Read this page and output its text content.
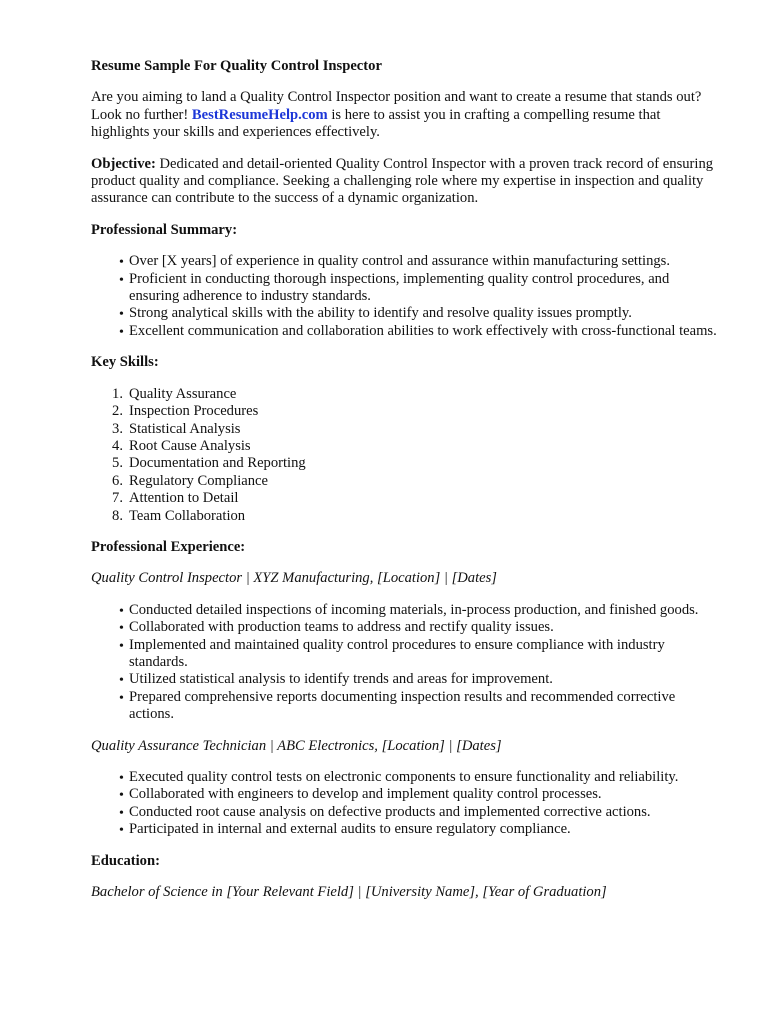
Resume Sample For Quality Control Inspector

Are you aiming to land a Quality Control Inspector position and want to create a resume that stands out? Look no further! BestResumeHelp.com is here to assist you in crafting a compelling resume that highlights your skills and experiences effectively.

Objective: Dedicated and detail-oriented Quality Control Inspector with a proven track record of ensuring product quality and compliance. Seeking a challenging role where my expertise in inspection and quality assurance can contribute to the success of a dynamic organization.

Professional Summary:
• Over [X years] of experience in quality control and assurance within manufacturing settings.
• Proficient in conducting thorough inspections, implementing quality control procedures, and ensuring adherence to industry standards.
• Strong analytical skills with the ability to identify and resolve quality issues promptly.
• Excellent communication and collaboration abilities to work effectively with cross-functional teams.
Key Skills:
1. Quality Assurance
2. Inspection Procedures
3. Statistical Analysis
4. Root Cause Analysis
5. Documentation and Reporting
6. Regulatory Compliance
7. Attention to Detail
8. Team Collaboration
Professional Experience:
Quality Control Inspector | XYZ Manufacturing, [Location] | [Dates]
• Conducted detailed inspections of incoming materials, in-process production, and finished goods.
• Collaborated with production teams to address and rectify quality issues.
• Implemented and maintained quality control procedures to ensure compliance with industry standards.
• Utilized statistical analysis to identify trends and areas for improvement.
• Prepared comprehensive reports documenting inspection results and recommended corrective actions.
Quality Assurance Technician | ABC Electronics, [Location] | [Dates]
• Executed quality control tests on electronic components to ensure functionality and reliability.
• Collaborated with engineers to develop and implement quality control processes.
• Conducted root cause analysis on defective products and implemented corrective actions.
• Participated in internal and external audits to ensure regulatory compliance.
Education:
Bachelor of Science in [Your Relevant Field] | [University Name], [Year of Graduation]
